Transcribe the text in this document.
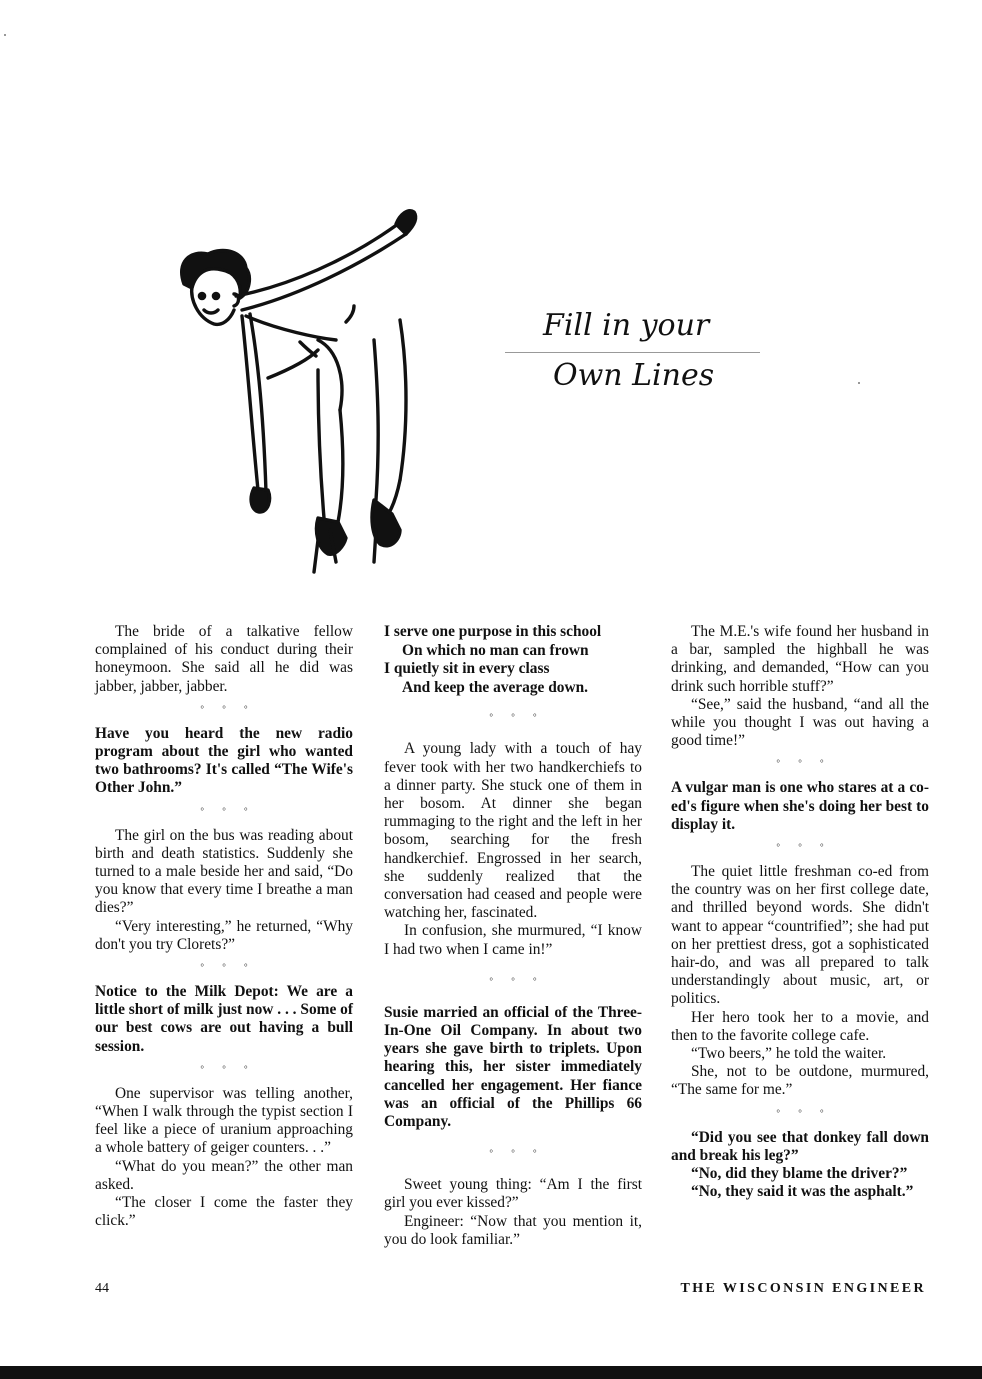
Fill in your
Own Lines

The bride of a talkative fellow complained of his conduct during their honeymoon. She said all he did was jabber, jabber, jabber.

° ° °

Have you heard the new radio program about the girl who wanted two bathrooms? It's called “The Wife's Other John.”

° ° °

The girl on the bus was reading about birth and death statistics. Suddenly she turned to a male beside her and said, “Do you know that every time I breathe a man dies?”

“Very interesting,” he returned, “Why don't you try Clorets?”

° ° °

Notice to the Milk Depot: We are a little short of milk just now . . . Some of our best cows are out having a bull session.

° ° °

One supervisor was telling another, “When I walk through the typist section I feel like a piece of uranium approaching a whole battery of geiger counters. . .”

“What do you mean?” the other man asked.

“The closer I come the faster they click.”

I serve one purpose in this school

On which no man can frown

I quietly sit in every class

And keep the average down.

° ° °

A young lady with a touch of hay fever took with her two handkerchiefs to a dinner party. She stuck one of them in her bosom. At dinner she began rummaging to the right and the left in her bosom, searching for the fresh handkerchief. Engrossed in her search, she suddenly realized that the conversation had ceased and people were watching her, fascinated.

In confusion, she murmured, “I know I had two when I came in!”

° ° °

Susie married an official of the Three-In-One Oil Company. In about two years she gave birth to triplets. Upon hearing this, her sister immediately cancelled her engagement. Her fiance was an official of the Phillips 66 Company.

° ° °

Sweet young thing: “Am I the first girl you ever kissed?”

Engineer: “Now that you mention it, you do look familiar.”

The M.E.'s wife found her husband in a bar, sampled the highball he was drinking, and demanded, “How can you drink such horrible stuff?”

“See,” said the husband, “and all the while you thought I was out having a good time!”

° ° °

A vulgar man is one who stares at a co-ed's figure when she's doing her best to display it.

° ° °

The quiet little freshman co-ed from the country was on her first college date, and thrilled beyond words. She didn't want to appear “countrified”; she had put on her prettiest dress, got a sophisticated hair-do, and was all prepared to talk understandingly about music, art, or politics.

Her hero took her to a movie, and then to the favorite college cafe.

“Two beers,” he told the waiter.

She, not to be outdone, murmured, “The same for me.”

° ° °

“Did you see that donkey fall down and break his leg?”

“No, did they blame the driver?”

“No, they said it was the asphalt.”

44	THE WISCONSIN ENGINEER
